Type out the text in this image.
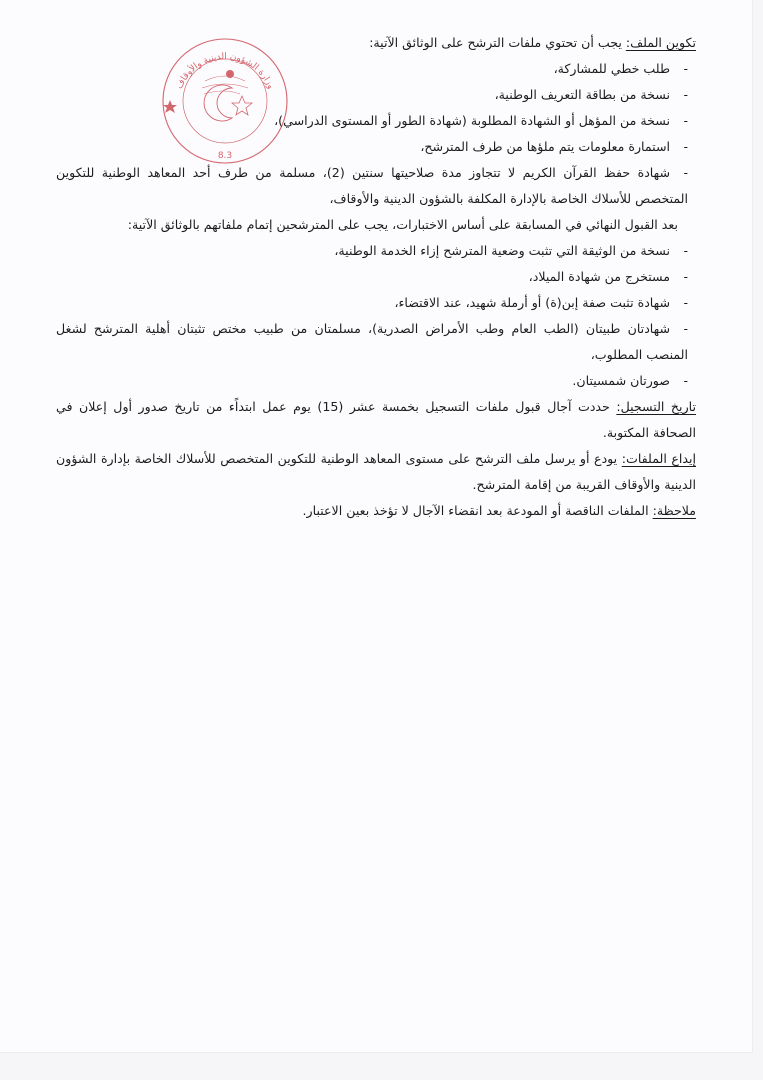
وزارة الشؤون الدينية والأوقاف
8.3
تكوين الملف: يجب أن تحتوي ملفات الترشح على الوثائق الآتية:
-طلب خطي للمشاركة،
-نسخة من بطاقة التعريف الوطنية،
-نسخة من المؤهل أو الشهادة المطلوبة (شهادة الطور أو المستوى الدراسي)،
-استمارة معلومات يتم ملؤها من طرف المترشح،
-شهادة حفظ القرآن الكريم لا تتجاوز مدة صلاحيتها سنتين (2)، مسلمة من طرف أحد المعاهد الوطنية للتكوين المتخصص للأسلاك الخاصة بالإدارة المكلفة بالشؤون الدينية والأوقاف،
بعد القبول النهائي في المسابقة على أساس الاختبارات، يجب على المترشحين إتمام ملفاتهم بالوثائق الآتية:
-نسخة من الوثيقة التي تثبت وضعية المترشح إزاء الخدمة الوطنية،
-مستخرج من شهادة الميلاد،
-شهادة تثبت صفة إبن(ة) أو أرملة شهيد، عند الاقتضاء،
-شهادتان طبيتان (الطب العام وطب الأمراض الصدرية)، مسلمتان من طبيب مختص تثبتان أهلية المترشح لشغل المنصب المطلوب،
-صورتان شمسيتان.
تاريخ التسجيل: حددت آجال قبول ملفات التسجيل بخمسة عشر (15) يوم عمل ابتداًء من تاريخ صدور أول إعلان في الصحافة المكتوبة.
إيداع الملفات: يودع أو يرسل ملف الترشح على مستوى المعاهد الوطنية للتكوين المتخصص للأسلاك الخاصة بإدارة الشؤون الدينية والأوقاف القريبة من إقامة المترشح.
ملاحظة: الملفات الناقصة أو المودعة بعد انقضاء الآجال لا تؤخذ بعين الاعتبار.
